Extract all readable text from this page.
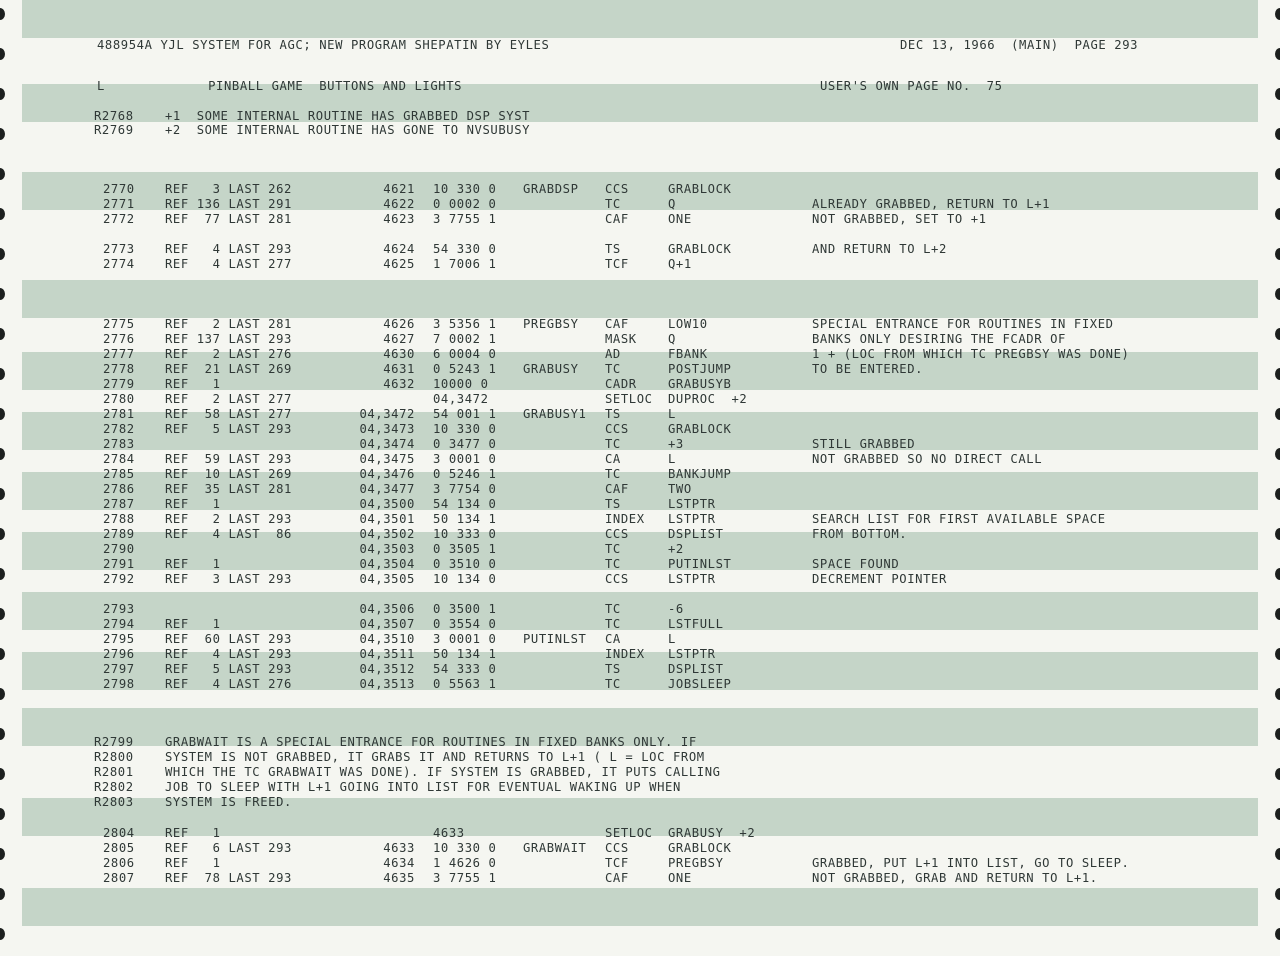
488954A YJL SYSTEM FOR AGC; NEW PROGRAM SHEPATIN BY EYLES	DEC 13, 1966  (MAIN)  PAGE 293
L             PINBALL GAME  BUTTONS AND LIGHTS	USER'S OWN PAGE NO.  75
R2768	+1  SOME INTERNAL ROUTINE HAS GRABBED DSP SYST
R2769	+2  SOME INTERNAL ROUTINE HAS GONE TO NVSUBUSY
2770 REF   3 LAST 262	4621 10 330 0 GRABDSP CCS	GRABLOCK
2771 REF 136 LAST 291	4622 0 0002 0	TC	Q	ALREADY GRABBED, RETURN TO L+1
2772 REF  77 LAST 281	4623 3 7755 1	CAF	ONE	NOT GRABBED, SET TO +1
2773 REF   4 LAST 293	4624 54 330 0	TS	GRABLOCK	AND RETURN TO L+2
2774 REF   4 LAST 277	4625 1 7006 1	TCF	Q+1
2775 REF   2 LAST 281	4626 3 5356 1 PREGBSY CAF	LOW10	SPECIAL ENTRANCE FOR ROUTINES IN FIXED
2776 REF 137 LAST 293	4627 7 0002 1	MASK	Q	BANKS ONLY DESIRING THE FCADR OF
2777 REF   2 LAST 276	4630 6 0004 0	AD	FBANK	1 + (LOC FROM WHICH TC PREGBSY WAS DONE)
2778 REF  21 LAST 269	4631 0 5243 1 GRABUSY TC	POSTJUMP	TO BE ENTERED.
2779 REF   1	4632 10000 0	CADR	GRABUSYB
2780 REF   2 LAST 277	04,3472	SETLOC DUPROC  +2
2781 REF  58 LAST 277	04,3472 54 001 1 GRABUSY1 TS	L
2782 REF   5 LAST 293	04,3473 10 330 0	CCS	GRABLOCK
2783	04,3474 0 3477 0	TC	+3	STILL GRABBED
2784 REF  59 LAST 293	04,3475 3 0001 0	CA	L	NOT GRABBED SO NO DIRECT CALL
2785 REF  10 LAST 269	04,3476 0 5246 1	TC	BANKJUMP
2786 REF  35 LAST 281	04,3477 3 7754 0	CAF	TWO
2787 REF   1	04,3500 54 134 0	TS	LSTPTR
2788 REF   2 LAST 293	04,3501 50 134 1	INDEX LSTPTR	SEARCH LIST FOR FIRST AVAILABLE SPACE
2789 REF   4 LAST  86	04,3502 10 333 0	CCS	DSPLIST	FROM BOTTOM.
2790	04,3503 0 3505 1	TC	+2
2791 REF   1	04,3504 0 3510 0	TC	PUTINLST	SPACE FOUND
2792 REF   3 LAST 293	04,3505 10 134 0	CCS	LSTPTR	DECREMENT POINTER
2793	04,3506 0 3500 1	TC	-6
2794 REF   1	04,3507 0 3554 0	TC	LSTFULL
2795 REF  60 LAST 293	04,3510 3 0001 0 PUTINLST CA	L
2796 REF   4 LAST 293	04,3511 50 134 1	INDEX LSTPTR
2797 REF   5 LAST 293	04,3512 54 333 0	TS	DSPLIST
2798 REF   4 LAST 276	04,3513 0 5563 1	TC	JOBSLEEP
2804 REF   1	4633	SETLOC GRABUSY  +2
2805 REF   6 LAST 293	4633 10 330 0 GRABWAIT CCS	GRABLOCK
2806 REF   1	4634 1 4626 0	TCF	PREGBSY	GRABBED, PUT L+1 INTO LIST, GO TO SLEEP.
2807 REF  78 LAST 293	4635 3 7755 1	CAF	ONE	NOT GRABBED, GRAB AND RETURN TO L+1.
R2799	GRABWAIT IS A SPECIAL ENTRANCE FOR ROUTINES IN FIXED BANKS ONLY. IF
R2800	SYSTEM IS NOT GRABBED, IT GRABS IT AND RETURNS TO L+1 ( L = LOC FROM
R2801	WHICH THE TC GRABWAIT WAS DONE). IF SYSTEM IS GRABBED, IT PUTS CALLING
R2802	JOB TO SLEEP WITH L+1 GOING INTO LIST FOR EVENTUAL WAKING UP WHEN
R2803	SYSTEM IS FREED.
